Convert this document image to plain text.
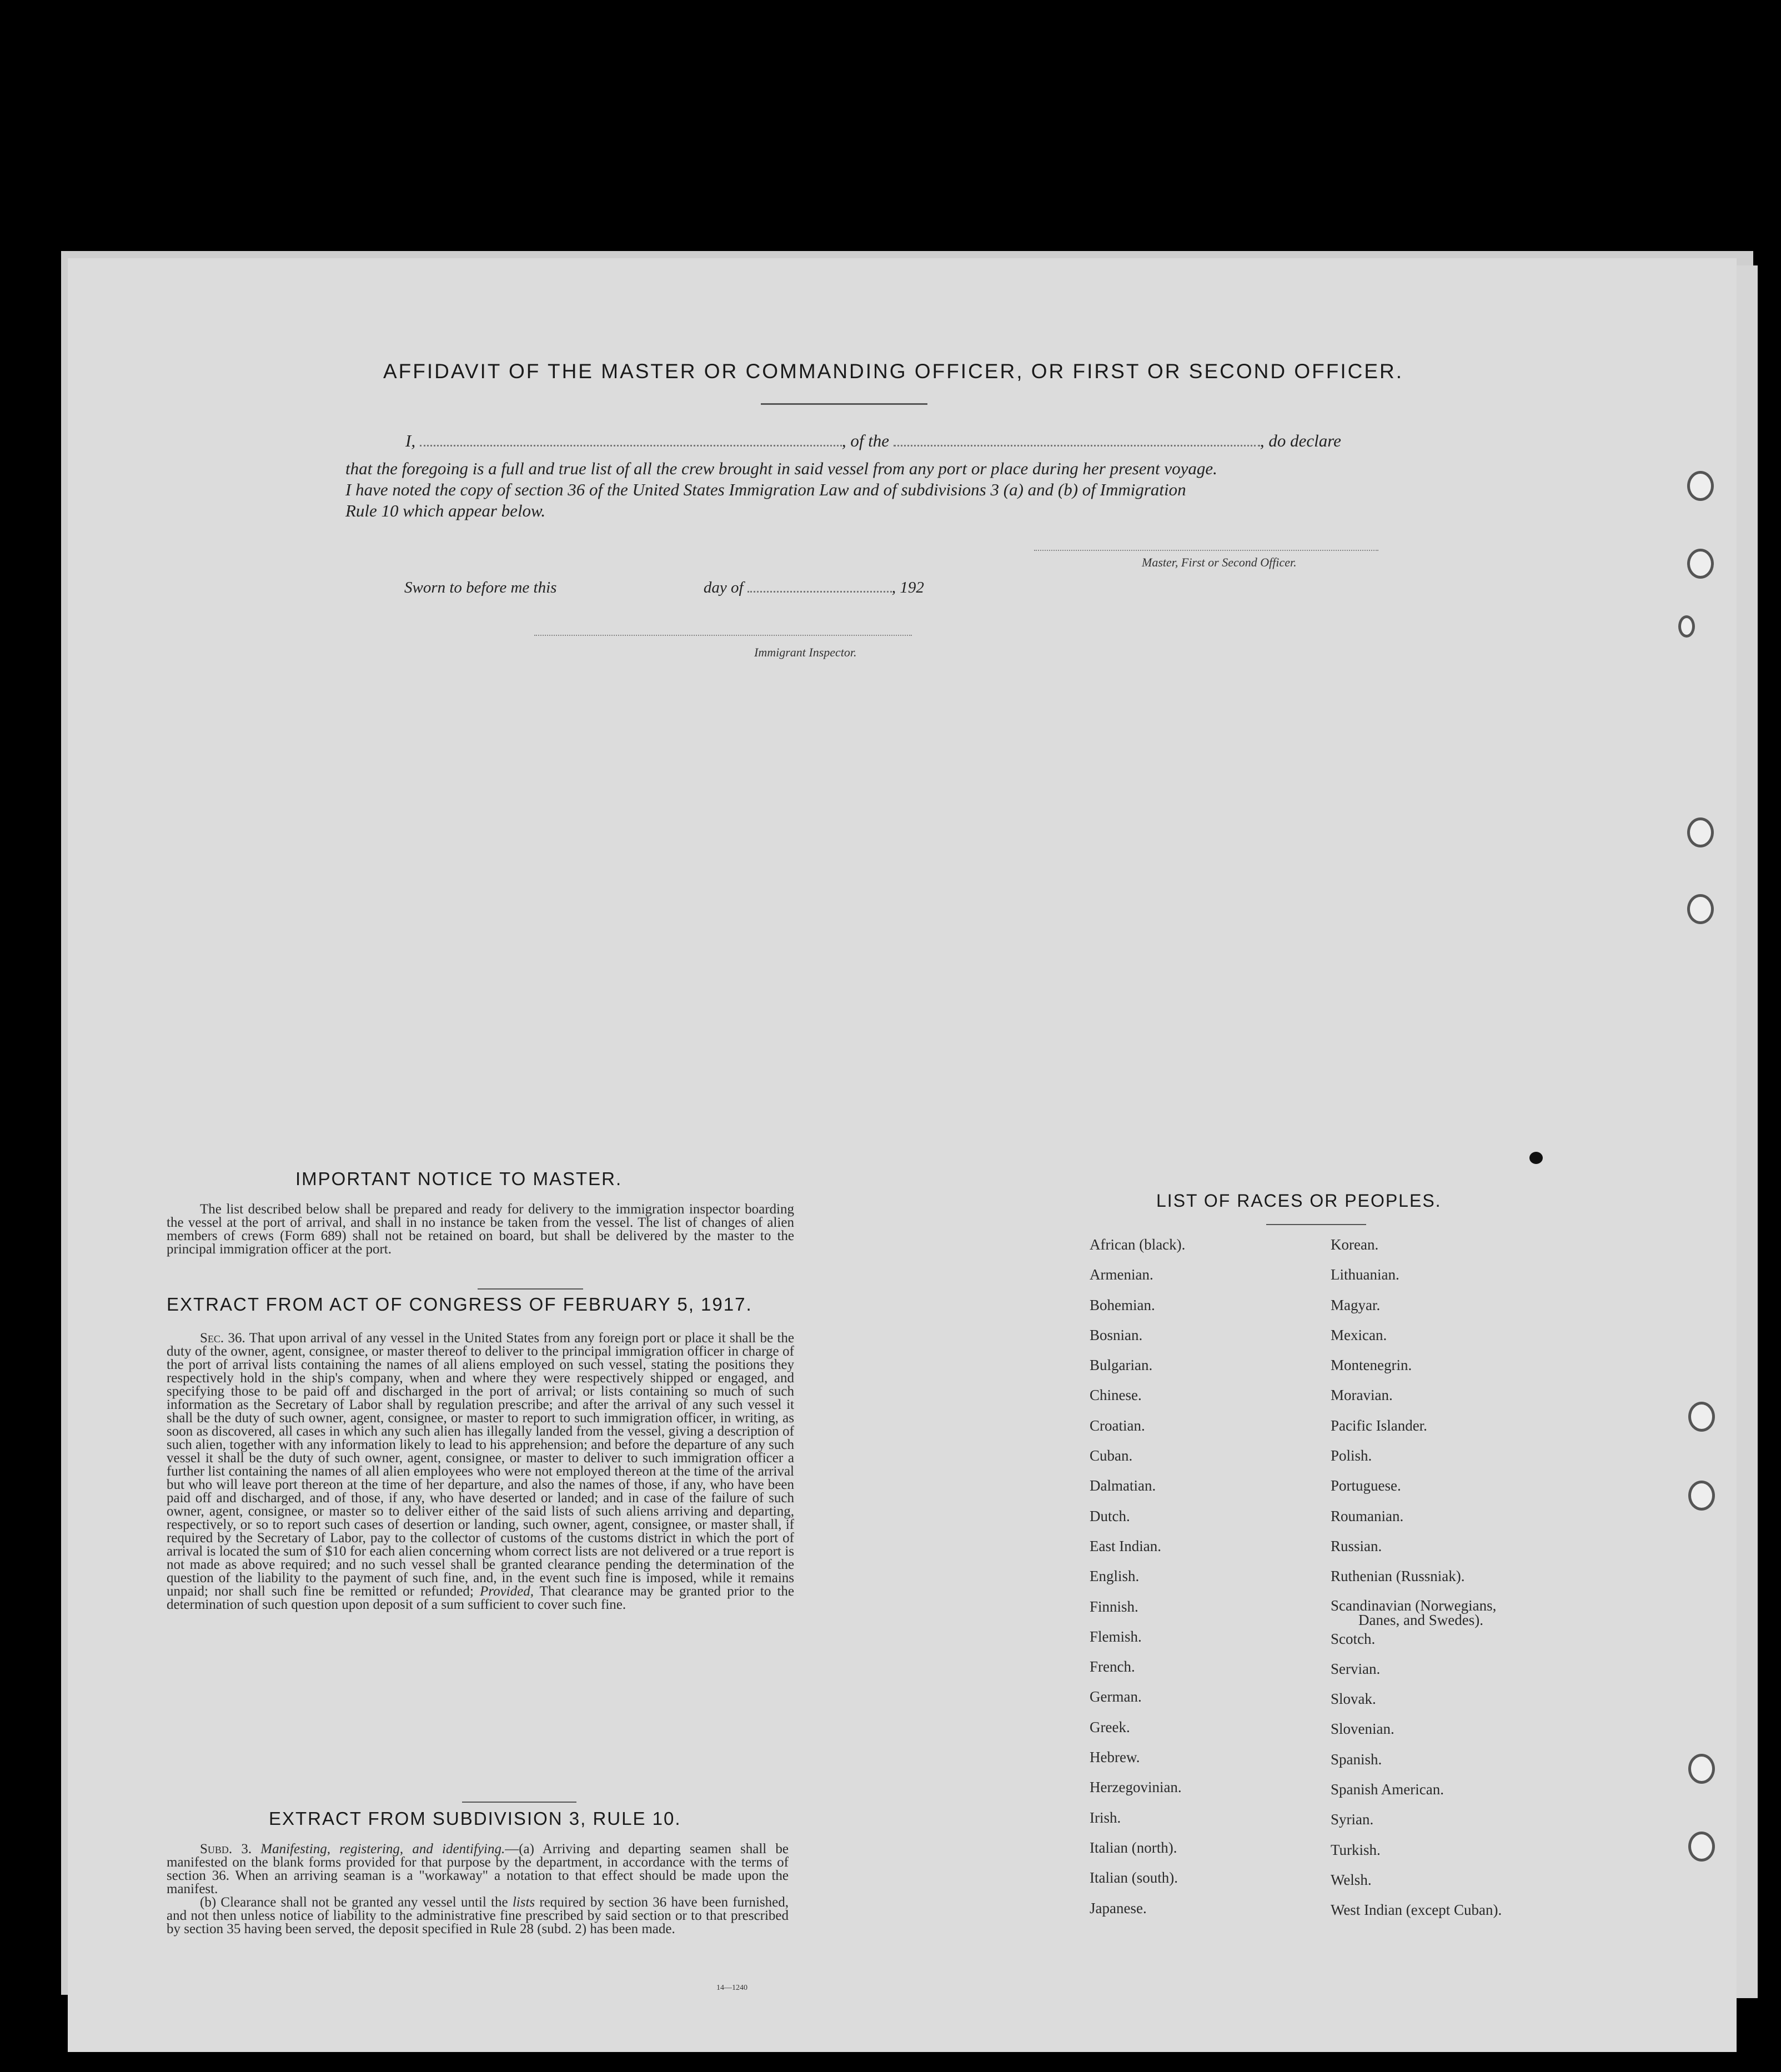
AFFIDAVIT OF THE MASTER OR COMMANDING OFFICER, OR FIRST OR SECOND OFFICER.
I,	, of the	, do declare
that the foregoing is a full and true list of all the crew brought in said vessel from any port or place during her present voyage.
I have noted the copy of section 36 of the United States Immigration Law and of subdivisions 3 (a) and (b) of Immigration
Rule 10 which appear below.
Master, First or Second Officer.
Sworn to before me this	day of	, 192
Immigrant Inspector.
IMPORTANT NOTICE TO MASTER.

The list described below shall be prepared and ready for delivery to the immigration inspector boarding the vessel at the port of arrival, and shall in no instance be taken from the vessel. The list of changes of alien members of crews (Form 689) shall not be retained on board, but shall be delivered by the master to the principal immigration officer at the port.

EXTRACT FROM ACT OF CONGRESS OF FEBRUARY 5, 1917.

Sec. 36. That upon arrival of any vessel in the United States from any foreign port or place it shall be the duty of the owner, agent, consignee, or master thereof to deliver to the principal immigration officer in charge of the port of arrival lists containing the names of all aliens employed on such vessel, stating the positions they respectively hold in the ship's company, when and where they were respectively shipped or engaged, and specifying those to be paid off and discharged in the port of arrival; or lists containing so much of such information as the Secretary of Labor shall by regulation prescribe; and after the arrival of any such vessel it shall be the duty of such owner, agent, consignee, or master to report to such immigration officer, in writing, as soon as discovered, all cases in which any such alien has illegally landed from the vessel, giving a description of such alien, together with any information likely to lead to his apprehension; and before the departure of any such vessel it shall be the duty of such owner, agent, consignee, or master to deliver to such immigration officer a further list containing the names of all alien employees who were not employed thereon at the time of the arrival but who will leave port thereon at the time of her departure, and also the names of those, if any, who have been paid off and discharged, and of those, if any, who have deserted or landed; and in case of the failure of such owner, agent, consignee, or master so to deliver either of the said lists of such aliens arriving and departing, respectively, or so to report such cases of desertion or landing, such owner, agent, consignee, or master shall, if required by the Secretary of Labor, pay to the collector of customs of the customs district in which the port of arrival is located the sum of $10 for each alien concerning whom correct lists are not delivered or a true report is not made as above required; and no such vessel shall be granted clearance pending the determination of the question of the liability to the payment of such fine, and, in the event such fine is imposed, while it remains unpaid; nor shall such fine be remitted or refunded; Provided, That clearance may be granted prior to the determination of such question upon deposit of a sum sufficient to cover such fine.

EXTRACT FROM SUBDIVISION 3, RULE 10.

Subd. 3. Manifesting, registering, and identifying.—(a) Arriving and departing seamen shall be manifested on the blank forms provided for that purpose by the department, in accordance with the terms of section 36. When an arriving seaman is a "workaway" a notation to that effect should be made upon the manifest.

(b) Clearance shall not be granted any vessel until the lists required by section 36 have been furnished, and not then unless notice of liability to the administrative fine prescribed by said section or to that prescribed by section 35 having been served, the deposit specified in Rule 28 (subd. 2) has been made.

14—1240
LIST OF RACES OR PEOPLES.
African (black).
Armenian.
Bohemian.
Bosnian.
Bulgarian.
Chinese.
Croatian.
Cuban.
Dalmatian.
Dutch.
East Indian.
English.
Finnish.
Flemish.
French.
German.
Greek.
Hebrew.
Herzegovinian.
Irish.
Italian (north).
Italian (south).
Japanese.
Korean.
Lithuanian.
Magyar.
Mexican.
Montenegrin.
Moravian.
Pacific Islander.
Polish.
Portuguese.
Roumanian.
Russian.
Ruthenian (Russniak).
Scandinavian (Norwegians,
Danes, and Swedes).
Scotch.
Servian.
Slovak.
Slovenian.
Spanish.
Spanish American.
Syrian.
Turkish.
Welsh.
West Indian (except Cuban).
